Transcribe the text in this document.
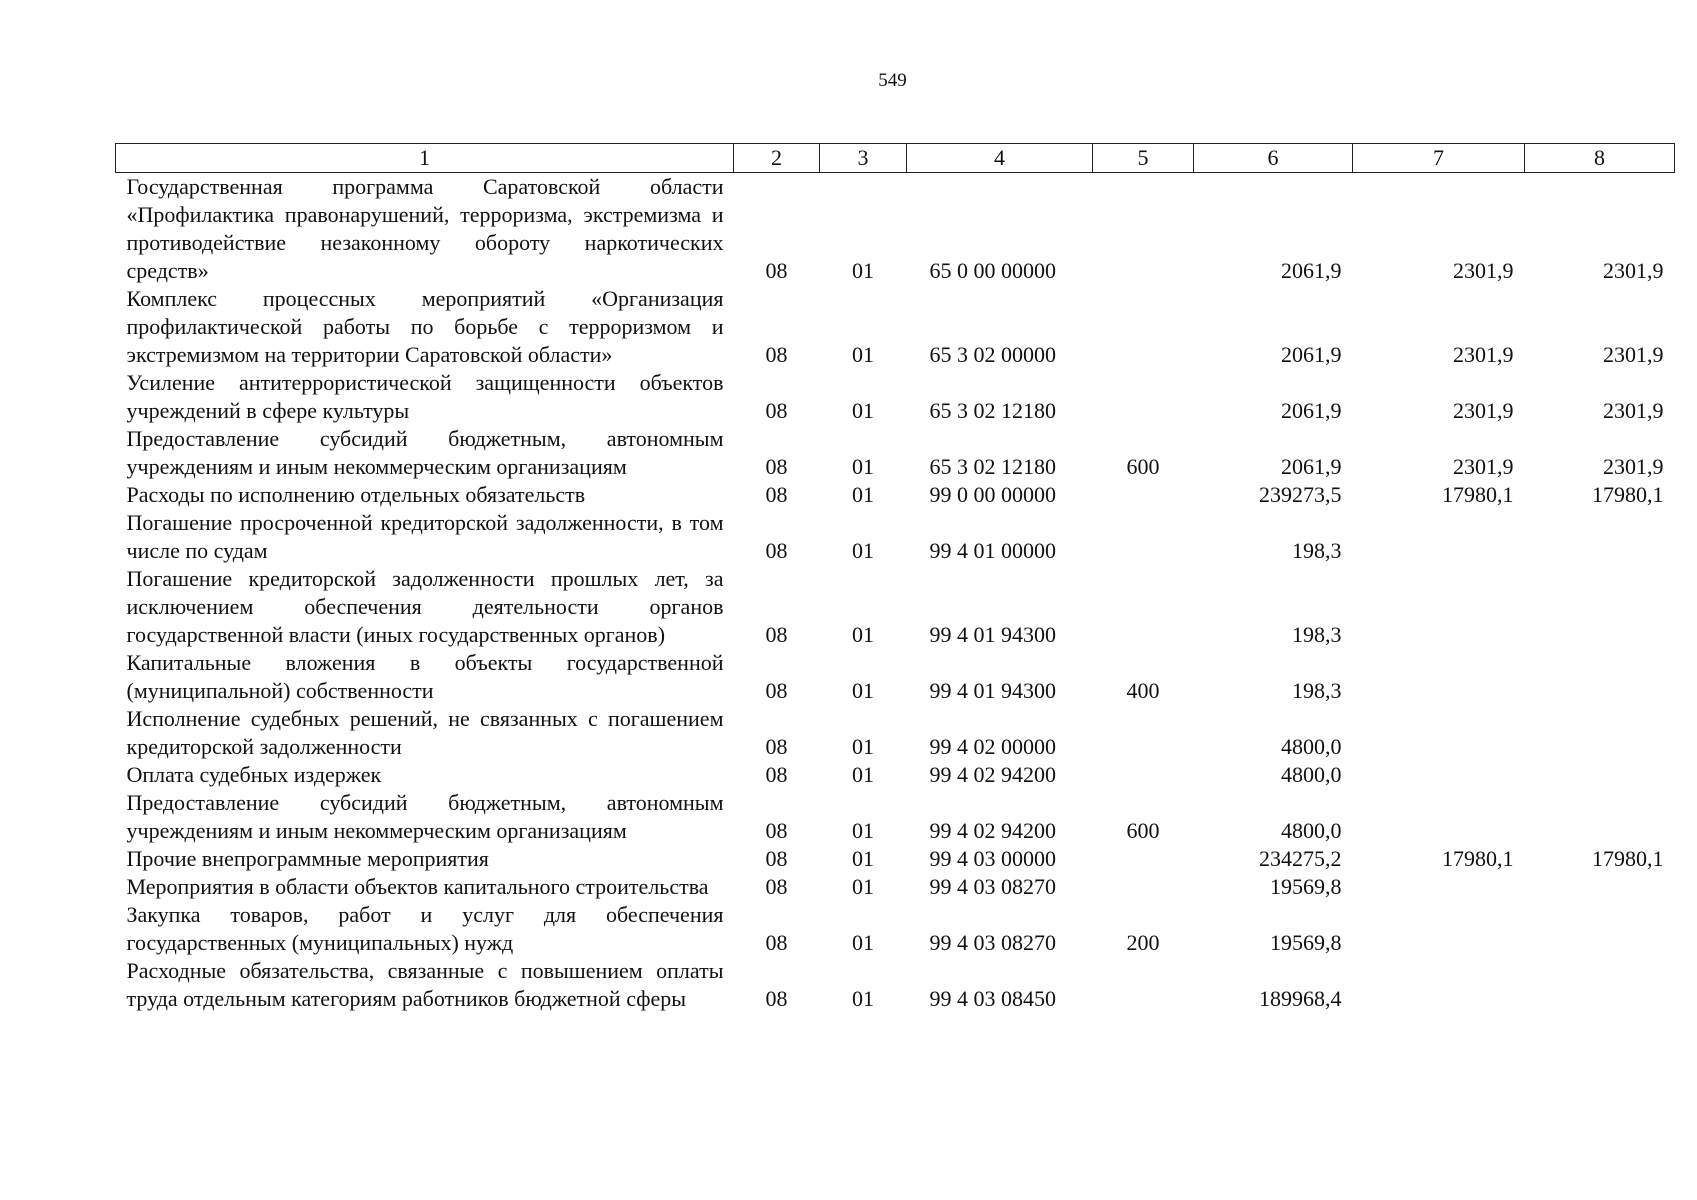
549
1	2	3	4	5	6	7	8
Государственная программа Саратовской области «Профилактика правонарушений, терроризма, экстремизма и противодействие незаконному обороту наркотических средств»	08	01	65 0 00 00000		2061,9	2301,9	2301,9
Комплекс процессных мероприятий «Организация профилактической работы по борьбе с терроризмом и экстремизмом на территории Саратовской области»	08	01	65 3 02 00000		2061,9	2301,9	2301,9
Усиление антитеррористической защищенности объектов учреждений в сфере культуры	08	01	65 3 02 12180		2061,9	2301,9	2301,9
Предоставление субсидий бюджетным, автономным учреждениям и иным некоммерческим организациям	08	01	65 3 02 12180	600	2061,9	2301,9	2301,9
Расходы по исполнению отдельных обязательств	08	01	99 0 00 00000		239273,5	17980,1	17980,1
Погашение просроченной кредиторской задолженности, в том числе по судам	08	01	99 4 01 00000		198,3		
Погашение кредиторской задолженности прошлых лет, за исключением обеспечения деятельности органов государственной власти (иных государственных органов)	08	01	99 4 01 94300		198,3		
Капитальные вложения в объекты государственной (муниципальной) собственности	08	01	99 4 01 94300	400	198,3		
Исполнение судебных решений, не связанных с погашением кредиторской задолженности	08	01	99 4 02 00000		4800,0		
Оплата судебных издержек	08	01	99 4 02 94200		4800,0		
Предоставление субсидий бюджетным, автономным учреждениям и иным некоммерческим организациям	08	01	99 4 02 94200	600	4800,0		
Прочие внепрограммные мероприятия	08	01	99 4 03 00000		234275,2	17980,1	17980,1
Мероприятия в области объектов капитального строительства	08	01	99 4 03 08270		19569,8		
Закупка товаров, работ и услуг для обеспечения государственных (муниципальных) нужд	08	01	99 4 03 08270	200	19569,8		
Расходные обязательства, связанные с повышением оплаты труда отдельным категориям работников бюджетной сферы	08	01	99 4 03 08450		189968,4		
